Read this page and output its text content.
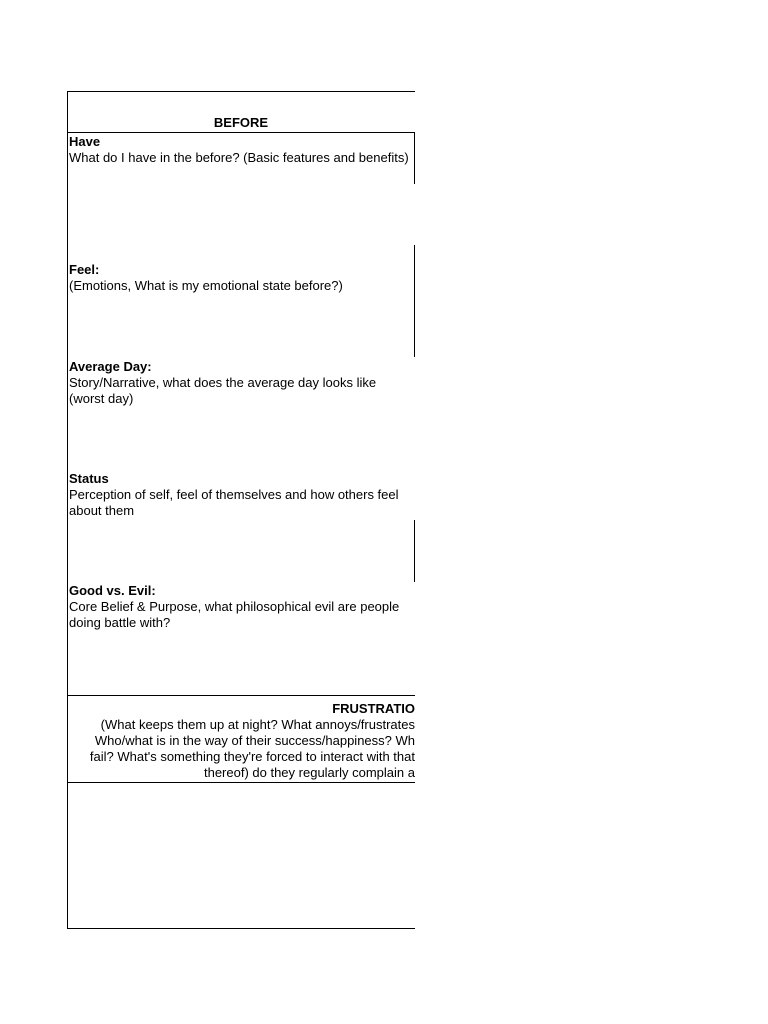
BEFORE
Have
What do I have in the before? (Basic features and benefits)
Feel:
(Emotions, What is my emotional state before?)
Average Day:
Story/Narrative, what does the average day looks like (worst day)
Status
Perception of self, feel of themselves and how others feel about them
Good vs. Evil:
Core Belief & Purpose, what philosophical evil are people doing battle with?
FRUSTRATIO
(What keeps them up at night? What annoys/frustrates
Who/what is in the way of their success/happiness? Wh
fail? What's something they're forced to interact with that
thereof) do they regularly complain a
